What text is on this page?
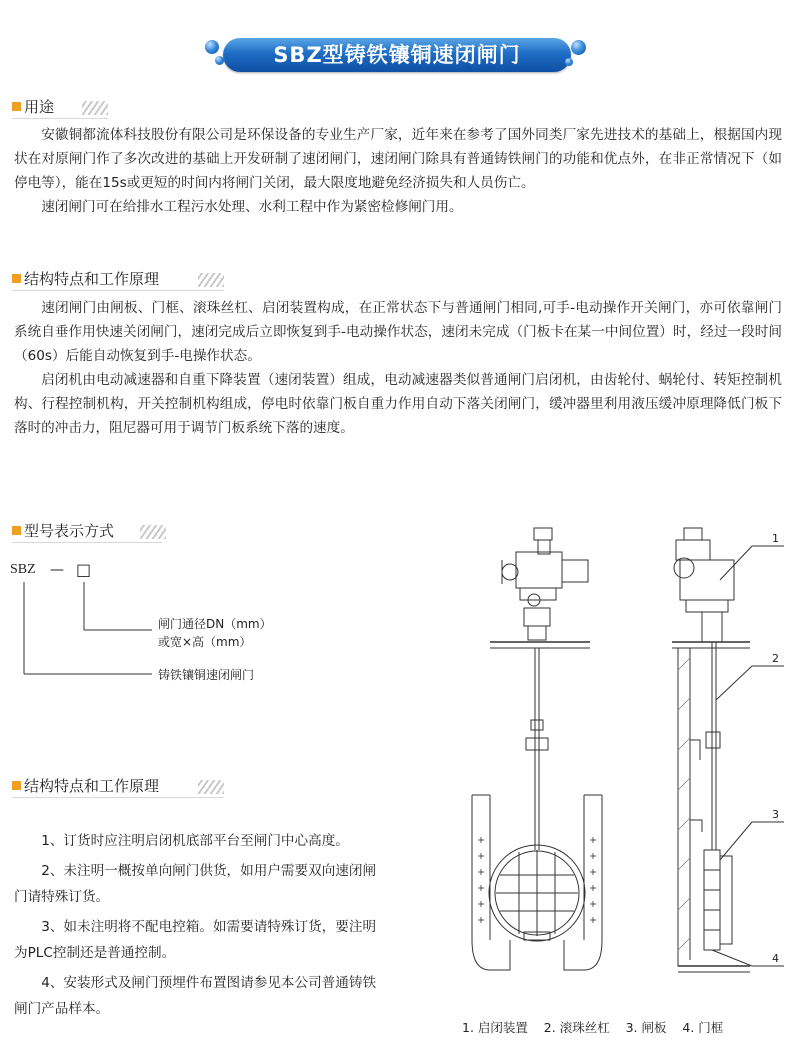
SBZ型铸铁镶铜速闭闸门
用途

安徽铜都流体科技股份有限公司是环保设备的专业生产厂家，近年来在参考了国外同类厂家先进技术的基础上，根据国内现状在对原闸门作了多次改进的基础上开发研制了速闭闸门，速闭闸门除具有普通铸铁闸门的功能和优点外，在非正常情况下（如停电等），能在15s或更短的时间内将闸门关闭，最大限度地避免经济损失和人员伤亡。

速闭闸门可在给排水工程污水处理、水利工程中作为紧密检修闸门用。

结构特点和工作原理

速闭闸门由闸板、门框、滚珠丝杠、启闭装置构成，在正常状态下与普通闸门相同,可手-电动操作开关闸门，亦可依靠闸门系统自垂作用快速关闭闸门，速闭完成后立即恢复到手-电动操作状态，速闭未完成（门板卡在某一中间位置）时，经过一段时间（60s）后能自动恢复到手-电操作状态。

启闭机由电动减速器和自重下降装置（速闭装置）组成，电动减速器类似普通闸门启闭机，由齿轮付、蜗轮付、转矩控制机构、行程控制机构，开关控制机构组成，停电时依靠门板自重力作用自动下落关闭闸门，缓冲器里利用液压缓冲原理降低门板下落时的冲击力，阻尼器可用于调节门板系统下落的速度。

型号表示方式
SBZ — □
闸门通径DN（mm）
或宽×高（mm）
铸铁镶铜速闭闸门
结构特点和工作原理

1、订货时应注明启闭机底部平台至闸门中心高度。

2、未注明一概按单向闸门供货，如用户需要双向速闭闸门请特殊订货。

3、如未注明将不配电控箱。如需要请特殊订货，要注明为PLC控制还是普通控制。

4、安装形式及闸门预埋件布置图请参见本公司普通铸铁闸门产品样本。

1
2
3
4
1. 启闭装置    2. 滚珠丝杠    3. 闸板    4. 门框
